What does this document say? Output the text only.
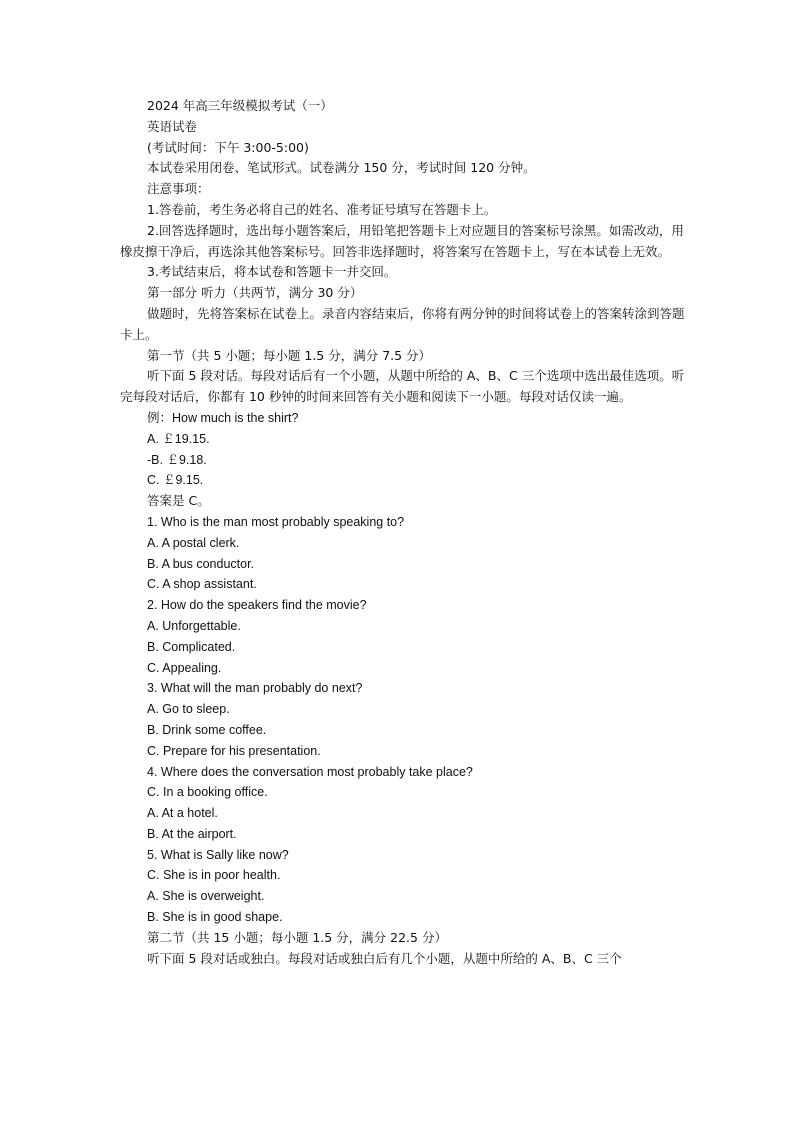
2024 年高三年级模拟考试（一）

英语试卷

(考试时间：下午 3:00-5:00)

本试卷采用闭卷、笔试形式。试卷满分 150 分，考试时间 120 分钟。

注意事项：

1.答卷前，考生务必将自己的姓名、准考证号填写在答题卡上。

2.回答选择题时，选出每小题答案后，用铅笔把答题卡上对应题目的答案标号涂黑。如需改动，用橡皮擦干净后，再选涂其他答案标号。回答非选择题时，将答案写在答题卡上，写在本试卷上无效。

3.考试结束后，将本试卷和答题卡一并交回。

第一部分 听力（共两节，满分 30 分）

做题时，先将答案标在试卷上。录音内容结束后，你将有两分钟的时间将试卷上的答案转涂到答题卡上。

第一节（共 5 小题；每小题 1.5 分，满分 7.5 分）

听下面 5 段对话。每段对话后有一个小题，从题中所给的 A、B、C 三个选项中选出最佳选项。听完每段对话后，你都有 10 秒钟的时间来回答有关小题和阅读下一小题。每段对话仅读一遍。

例：How much is the shirt?

A. ￡19.15.

-B. ￡9.18.

C. ￡9.15.

答案是 C。

1. Who is the man most probably speaking to?

A. A postal clerk.

B. A bus conductor.

C. A shop assistant.

2. How do the speakers find the movie?

A. Unforgettable.

B. Complicated.

C. Appealing.

3. What will the man probably do next?

A. Go to sleep.

B. Drink some coffee.

C. Prepare for his presentation.

4. Where does the conversation most probably take place?

C. In a booking office.

A. At a hotel.

B. At the airport.

5. What is Sally like now?

C. She is in poor health.

A. She is overweight.

B. She is in good shape.

第二节（共 15 小题；每小题 1.5 分，满分 22.5 分）

听下面 5 段对话或独白。每段对话或独白后有几个小题，从题中所给的 A、B、C 三个
